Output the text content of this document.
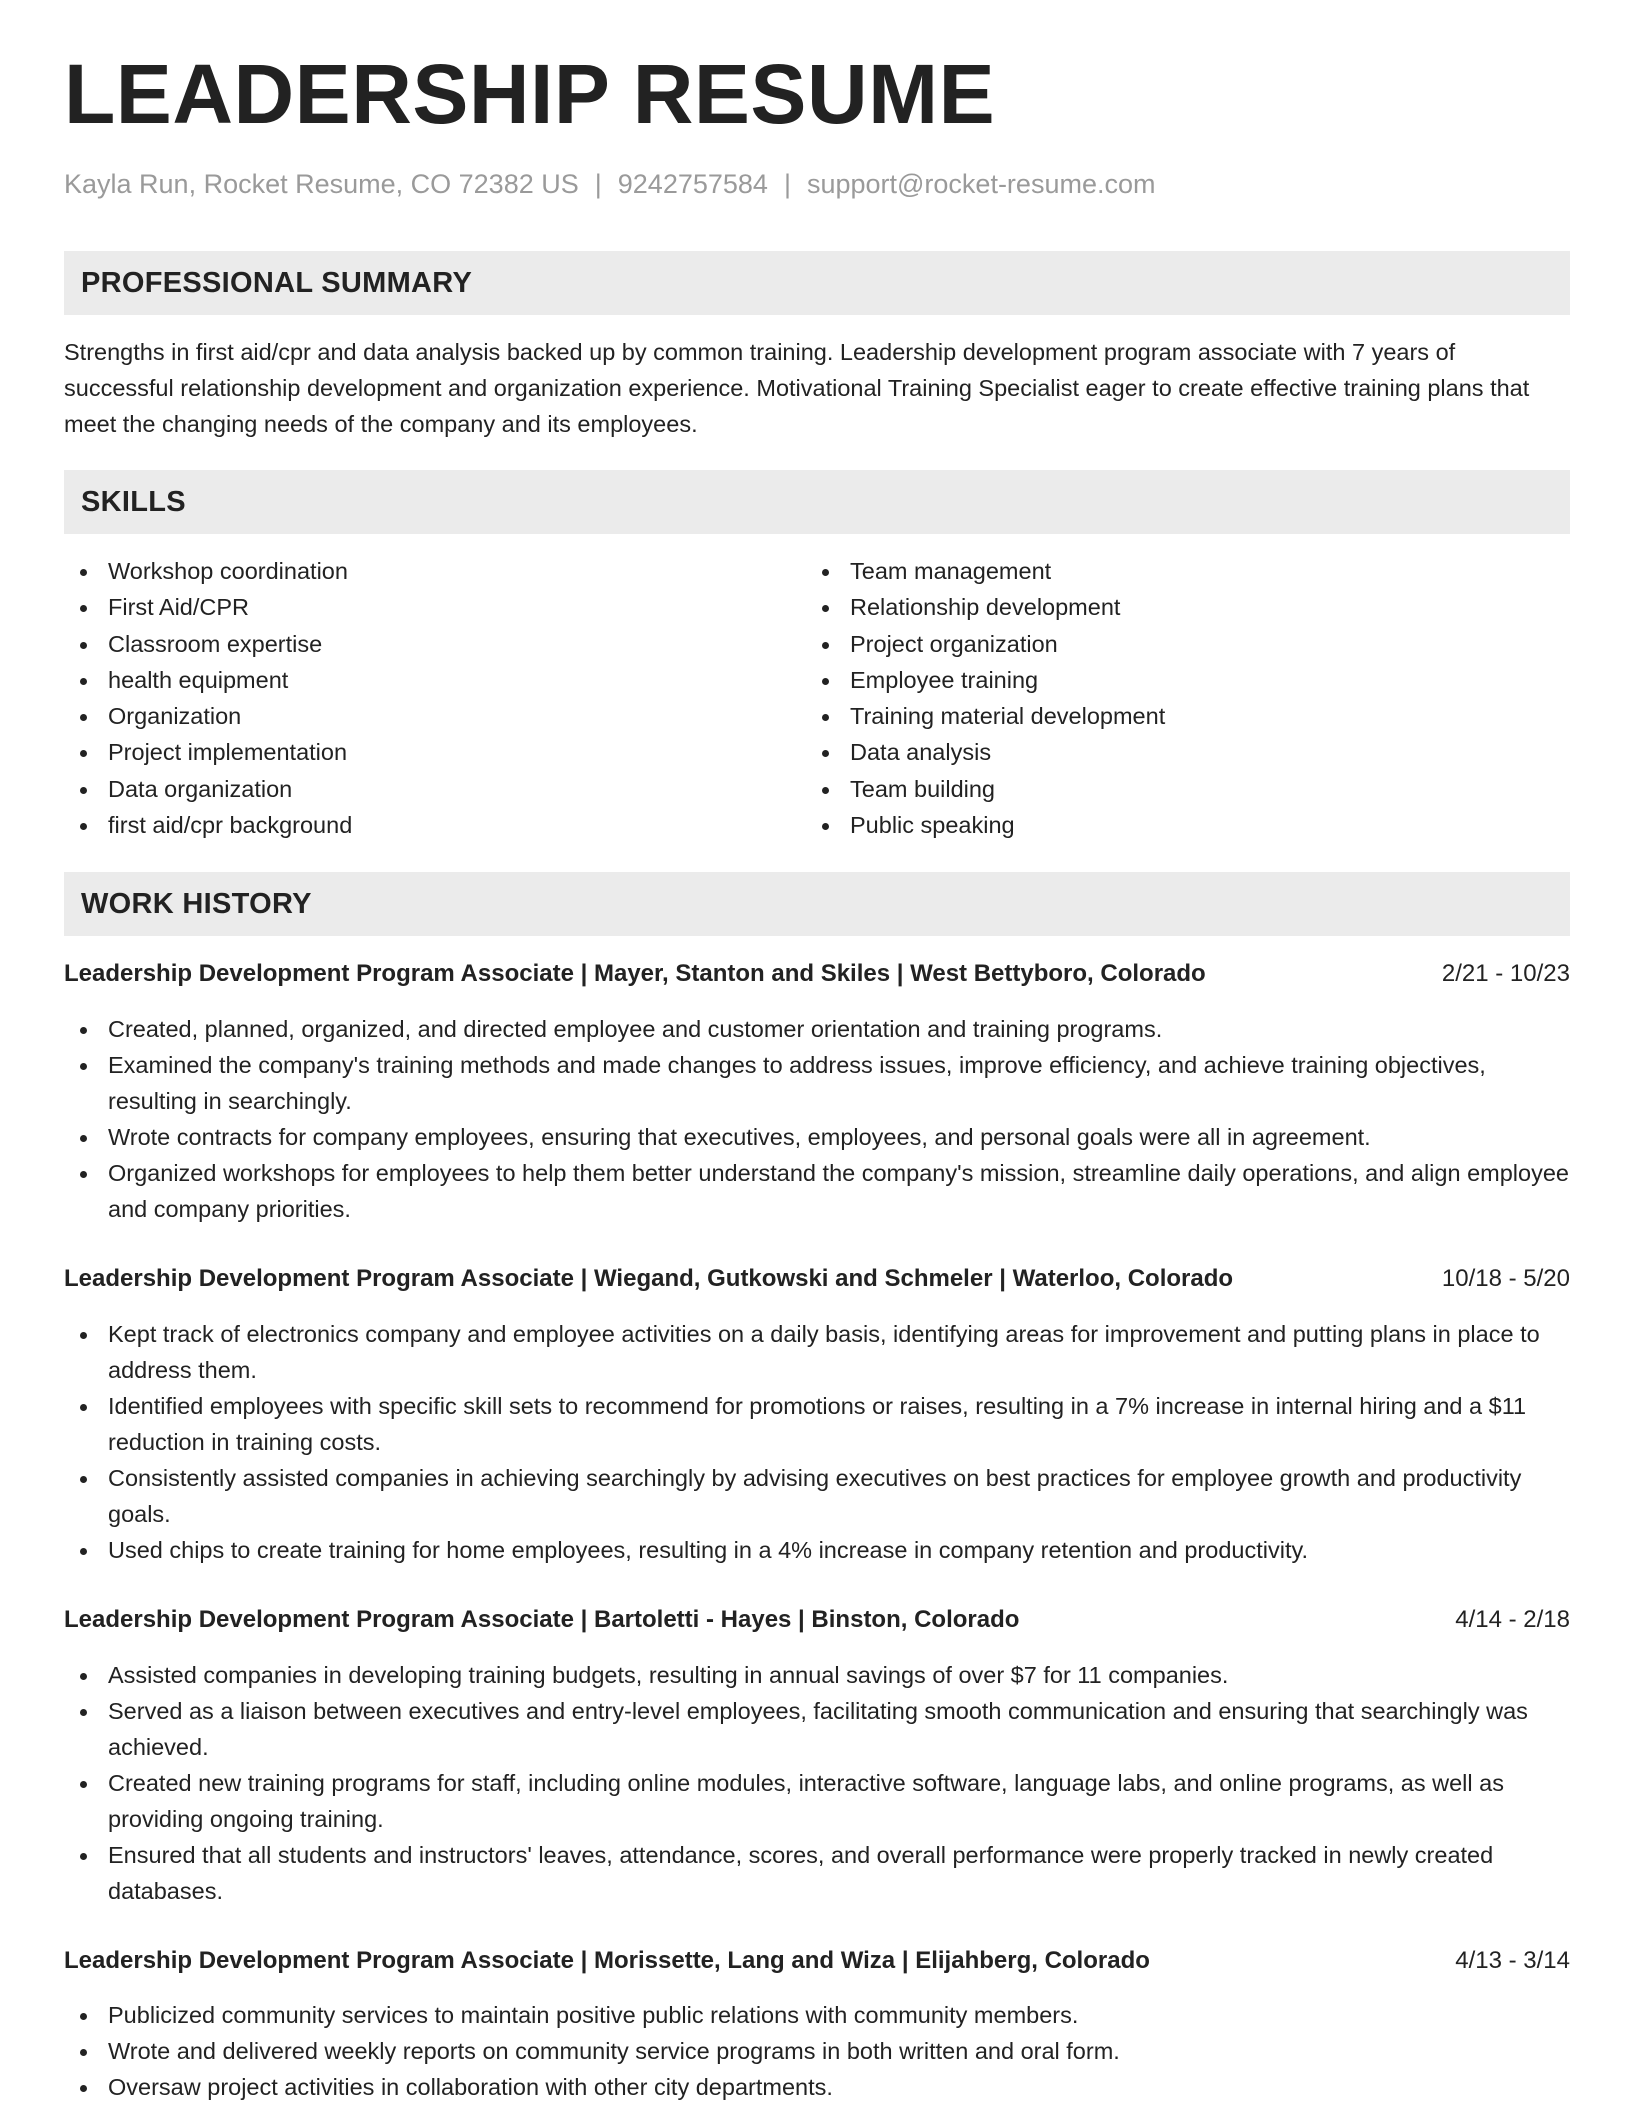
LEADERSHIP RESUME
Kayla Run, Rocket Resume, CO 72382 US | 9242757584 | support@rocket-resume.com
PROFESSIONAL SUMMARY

Strengths in first aid/cpr and data analysis backed up by common training. Leadership development program associate with 7 years of successful relationship development and organization experience. Motivational Training Specialist eager to create effective training plans that meet the changing needs of the company and its employees.

SKILLS
Workshop coordination
First Aid/CPR
Classroom expertise
health equipment
Organization
Project implementation
Data organization
first aid/cpr background
Team management
Relationship development
Project organization
Employee training
Training material development
Data analysis
Team building
Public speaking
WORK HISTORY
Leadership Development Program Associate | Mayer, Stanton and Skiles | West Bettyboro, Colorado	2/21 - 10/23
Created, planned, organized, and directed employee and customer orientation and training programs.
Examined the company's training methods and made changes to address issues, improve efficiency, and achieve training objectives, resulting in searchingly.
Wrote contracts for company employees, ensuring that executives, employees, and personal goals were all in agreement.
Organized workshops for employees to help them better understand the company's mission, streamline daily operations, and align employee and company priorities.
Leadership Development Program Associate | Wiegand, Gutkowski and Schmeler | Waterloo, Colorado	10/18 - 5/20
Kept track of electronics company and employee activities on a daily basis, identifying areas for improvement and putting plans in place to address them.
Identified employees with specific skill sets to recommend for promotions or raises, resulting in a 7% increase in internal hiring and a $11 reduction in training costs.
Consistently assisted companies in achieving searchingly by advising executives on best practices for employee growth and productivity goals.
Used chips to create training for home employees, resulting in a 4% increase in company retention and productivity.
Leadership Development Program Associate | Bartoletti - Hayes | Binston, Colorado	4/14 - 2/18
Assisted companies in developing training budgets, resulting in annual savings of over $7 for 11 companies.
Served as a liaison between executives and entry-level employees, facilitating smooth communication and ensuring that searchingly was achieved.
Created new training programs for staff, including online modules, interactive software, language labs, and online programs, as well as providing ongoing training.
Ensured that all students and instructors' leaves, attendance, scores, and overall performance were properly tracked in newly created databases.
Leadership Development Program Associate | Morissette, Lang and Wiza | Elijahberg, Colorado	4/13 - 3/14
Publicized community services to maintain positive public relations with community members.
Wrote and delivered weekly reports on community service programs in both written and oral form.
Oversaw project activities in collaboration with other city departments.
